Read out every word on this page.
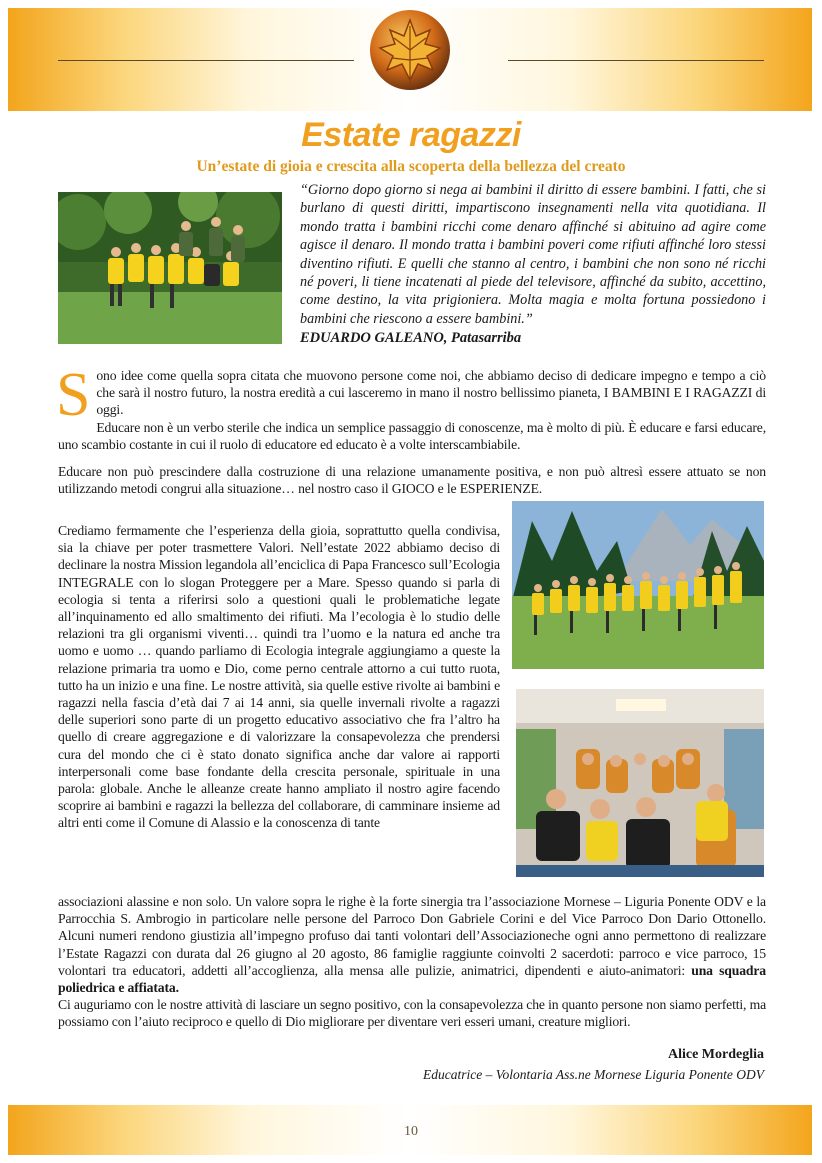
Estate ragazzi
Un’estate di gioia e crescita alla scoperta della bellezza del creato
“Giorno dopo giorno si nega ai bambini il diritto di essere bambini. I fatti, che si burlano di questi diritti, impartiscono insegnamenti nella vita quotidiana. Il mondo tratta i bambini ricchi come denaro affinché si abituino ad agire come agisce il denaro. Il mondo tratta i bambini poveri come rifiuti affinché loro stessi diventino rifiuti. E quelli che stanno al centro, i bambini che non sono né ricchi né poveri, li tiene incatenati al piede del televisore, affinché da subito, accettino, come destino, la vita prigioniera. Molta magia e molta fortuna possiedono i bambini che riescono a essere bambini.”
EDUARDO GALEANO, Patasarriba

Sono idee come quella sopra citata che muovono persone come noi, che abbiamo deciso di dedicare impegno e tempo a ciò che sarà il nostro futuro, la nostra eredità a cui lasceremo in mano il nostro bellissimo pianeta, I BAMBINI E I RAGAZZI di oggi.

Educare non è un verbo sterile che indica un semplice passaggio di conoscenze, ma è molto di più. È educare e farsi educare, uno scambio costante in cui il ruolo di educatore ed educato è a volte interscambiabile.

Educare non può prescindere dalla costruzione di una relazione umanamente positiva, e non può altresì essere attuato se non utilizzando metodi congrui alla situazione… nel nostro caso il GIOCO e le ESPERIENZE.

Crediamo fermamente che l’esperienza della gioia, soprattutto quella condivisa, sia la chiave per poter trasmettere Valori. Nell’estate 2022 abbiamo deciso di declinare la nostra Mission legandola all’enciclica di Papa Francesco sull’Ecologia INTEGRALE con lo slogan Proteggere per a Mare. Spesso quando si parla di ecologia si tenta a riferirsi solo a questioni quali le problematiche legate all’inquinamento ed allo smaltimento dei rifiuti. Ma l’ecologia è lo studio delle relazioni tra gli organismi viventi… quindi tra l’uomo e la natura ed anche tra uomo e uomo … quando parliamo di Ecologia integrale aggiungiamo a queste la relazione primaria tra uomo e Dio, come perno centrale attorno a cui tutto ruota, tutto ha un inizio e una fine. Le nostre attività, sia quelle estive rivolte ai bambini e ragazzi nella fascia d’età dai 7 ai 14 anni, sia quelle invernali rivolte a ragazzi delle superiori sono parte di un progetto educativo associativo che fra l’altro ha quello di creare aggregazione e di valorizzare la consapevolezza che prendersi cura del mondo che ci è stato donato significa anche dar valore ai rapporti interpersonali come base fondante della crescita personale, spirituale in una parola: globale. Anche le alleanze create hanno ampliato il nostro agire facendo scoprire ai bambini e ragazzi la bellezza del collaborare, di camminare insieme ad altri enti come il Comune di Alassio e la conoscenza di tante

associazioni alassine e non solo. Un valore sopra le righe è la forte sinergia tra l’associazione Mornese – Liguria Ponente ODV e la Parrocchia S. Ambrogio in particolare nelle persone del Parroco Don Gabriele Corini e del Vice Parroco Don Dario Ottonello. Alcuni numeri rendono giustizia all’impegno profuso dai tanti volontari dell’Associazioneche ogni anno permettono di realizzare l’Estate Ragazzi con durata dal 26 giugno al 20 agosto, 86 famiglie raggiunte coinvolti 2 sacerdoti: parroco e vice parroco, 15 volontari tra educatori, addetti all’accoglienza, alla mensa alle pulizie, animatrici, dipendenti e aiuto-animatori: una squadra poliedrica e affiatata.

Ci auguriamo con le nostre attività di lasciare un segno positivo, con la consapevolezza che in quanto persone non siamo perfetti, ma possiamo con l’aiuto reciproco e quello di Dio migliorare per diventare veri esseri umani, creature migliori.

Alice Mordeglia
Educatrice – Volontaria Ass.ne Mornese Liguria Ponente ODV
10
